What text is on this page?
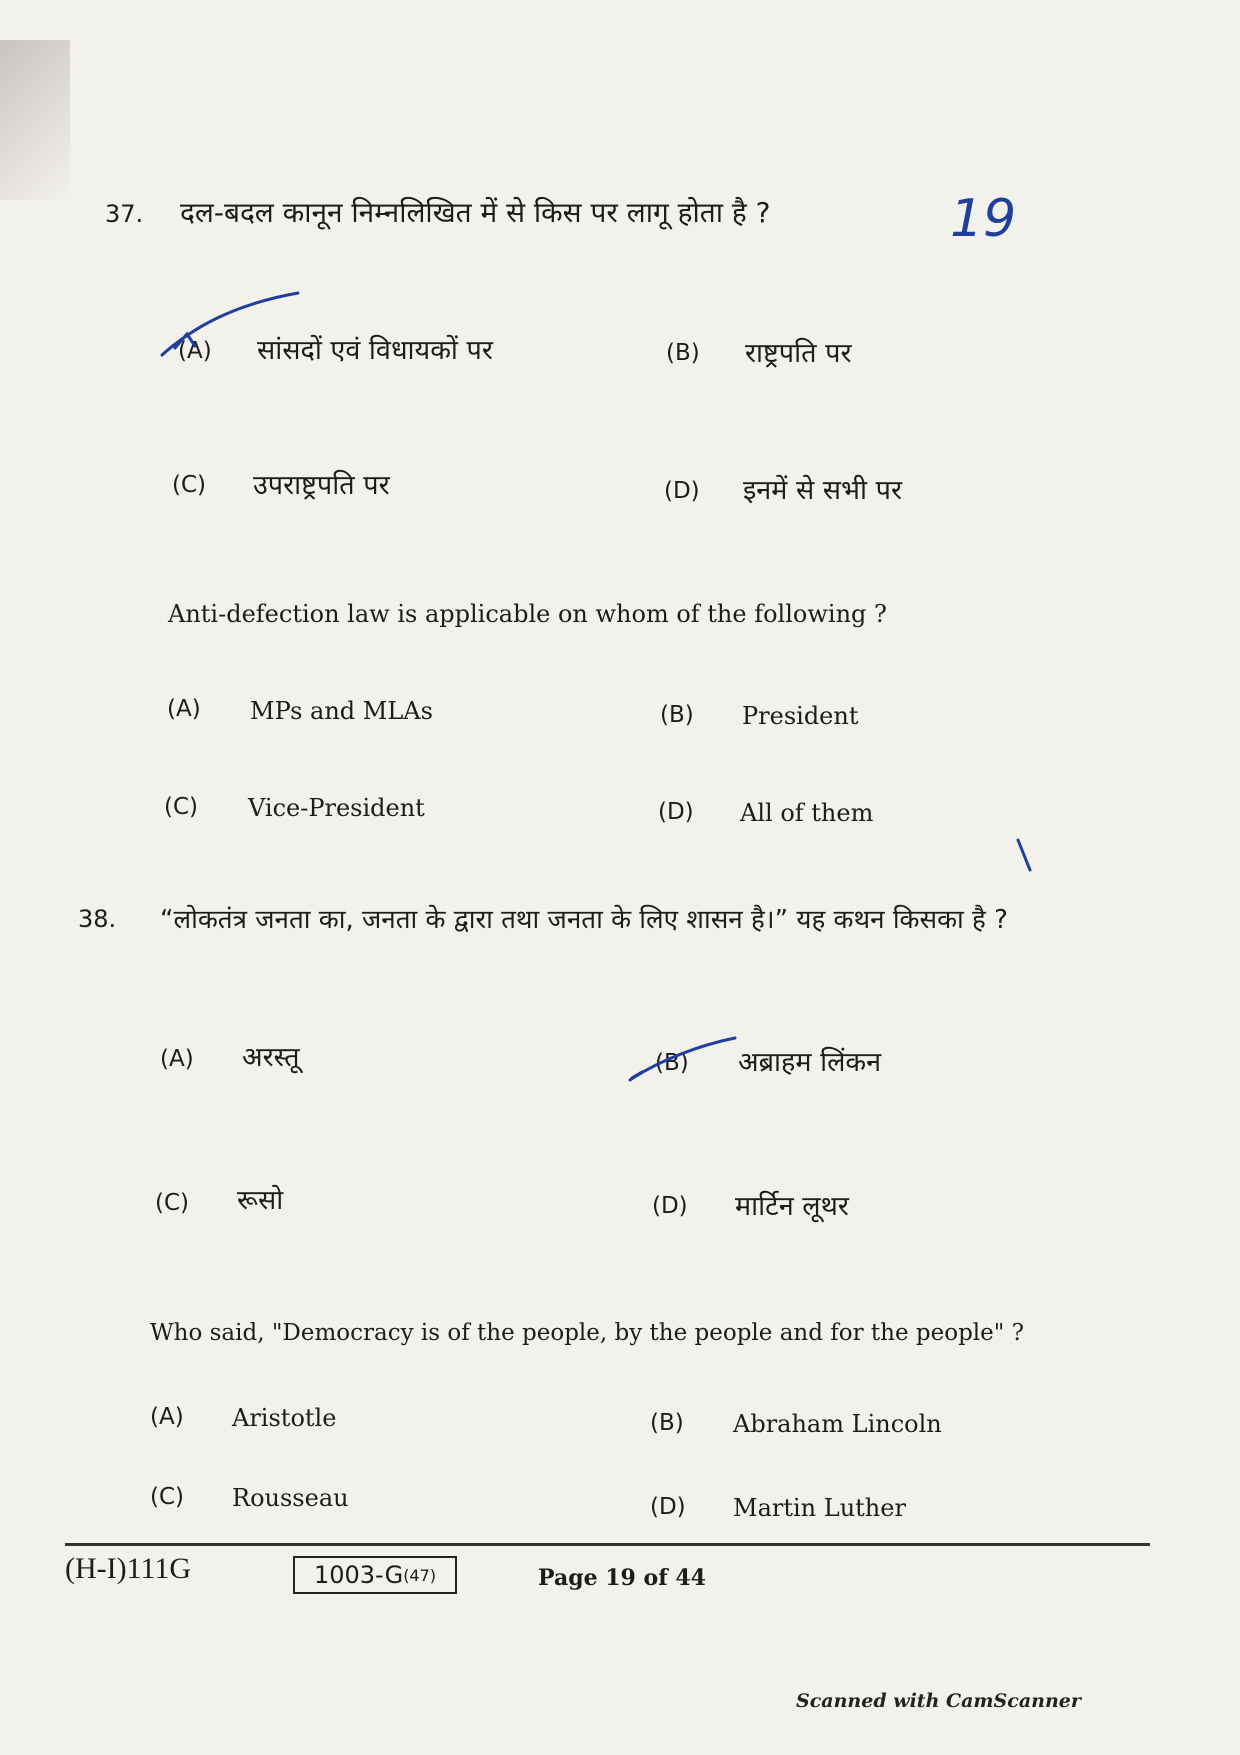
37. दल-बदल कानून निम्नलिखित में से किस पर लागू होता है ?
(A) सांसदों एवं विधायकों पर	(B) राष्ट्रपति पर
(C) उपराष्ट्रपति पर	(D) इनमें से सभी पर
Anti-defection law is applicable on whom of the following ?
(A) MPs and MLAs	(B) President
(C) Vice-President	(D) All of them
38. “लोकतंत्र जनता का, जनता के द्वारा तथा जनता के लिए शासन है।” यह कथन किसका है ?
(A) अरस्तू	(B) अब्राहम लिंकन
(C) रूसो	(D) मार्टिन लूथर
Who said, "Democracy is of the people, by the people and for the people" ?
(A) Aristotle	(B) Abraham Lincoln
(C) Rousseau	(D) Martin Luther
(H-I)111G	1003-G (47)	Page 19 of 44
Scanned with CamScanner
19
